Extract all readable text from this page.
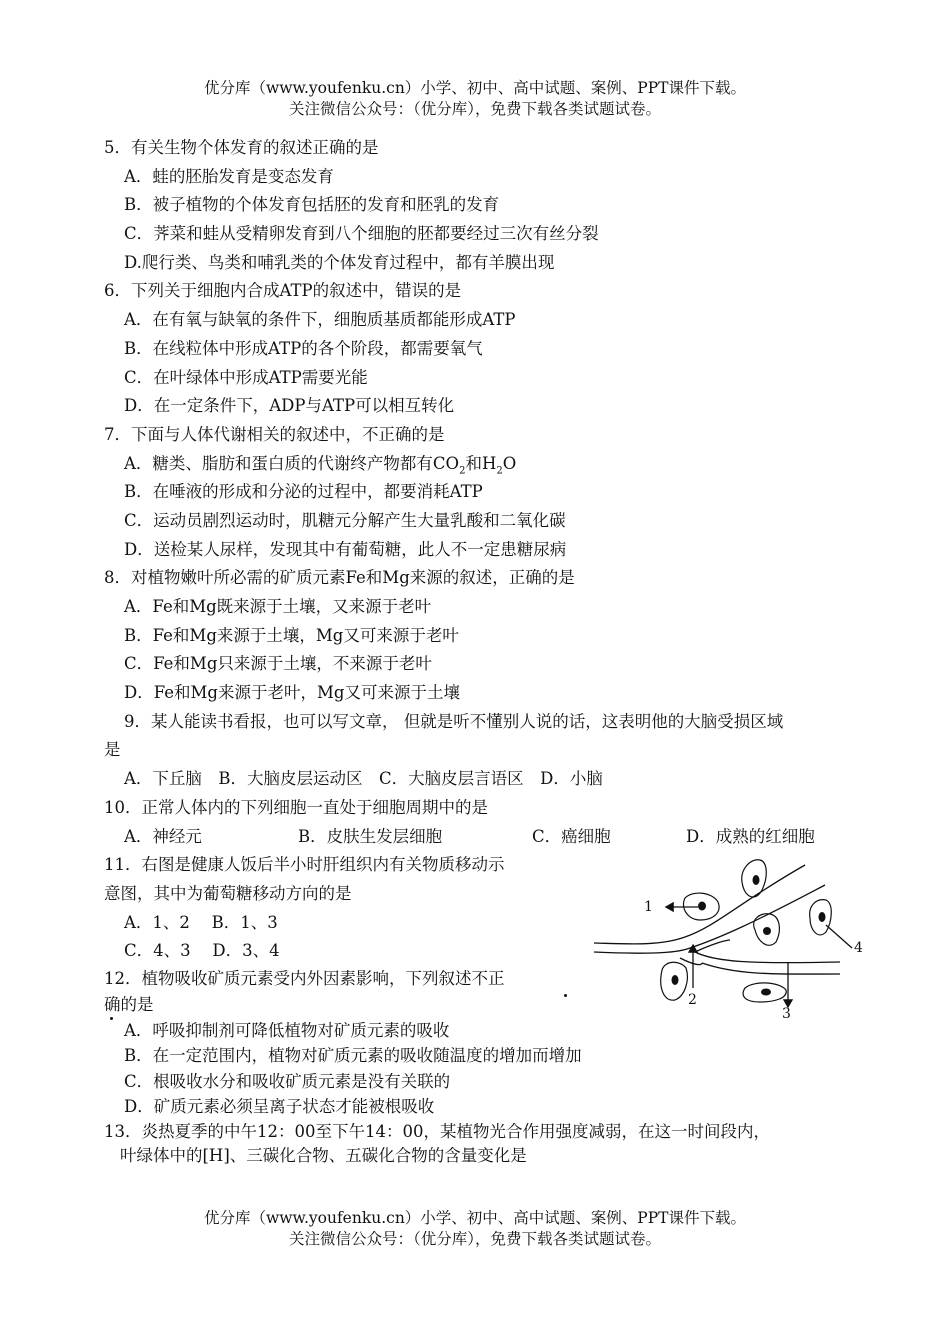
优分库（www.youfenku.cn）小学、初中、高中试题、案例、PPT课件下载。
关注微信公众号：（优分库），免费下载各类试题试卷。
5．有关生物个体发育的叙述正确的是
A．蛙的胚胎发育是变态发育
B．被子植物的个体发育包括胚的发育和胚乳的发育
C．荠菜和蛙从受精卵发育到八个细胞的胚都要经过三次有丝分裂
D.爬行类、鸟类和哺乳类的个体发育过程中，都有羊膜出现
6．下列关于细胞内合成ATP的叙述中，错误的是
A．在有氧与缺氧的条件下，细胞质基质都能形成ATP
B．在线粒体中形成ATP的各个阶段，都需要氧气
C．在叶绿体中形成ATP需要光能
D．在一定条件下，ADP与ATP可以相互转化
7．下面与人体代谢相关的叙述中，不正确的是
A．糖类、脂肪和蛋白质的代谢终产物都有$CO_2$和$H_2O$
B．在唾液的形成和分泌的过程中，都要消耗ATP
C．运动员剧烈运动时，肌糖元分解产生大量乳酸和二氧化碳
D．送检某人尿样，发现其中有葡萄糖，此人不一定患糖尿病
8．对植物嫩叶所必需的矿质元素Fe和Mg来源的叙述，正确的是
A．Fe和Mg既来源于土壤，又来源于老叶
B．Fe和Mg来源于土壤，Mg又可来源于老叶
C．Fe和Mg只来源于土壤，不来源于老叶
D．Fe和Mg来源于老叶，Mg又可来源于土壤
9．某人能读书看报，也可以写文章， 但就是听不懂别人说的话，这表明他的大脑受损区域
是
A．下丘脑　B．大脑皮层运动区　C．大脑皮层言语区　D．小脑
10．正常人体内的下列细胞一直处于细胞周期中的是
A．神经元	B．皮肤生发层细胞	C．癌细胞	D．成熟的红细胞
11．右图是健康人饭后半小时肝组织内有关物质移动示
意图，其中为葡萄糖移动方向的是
A．1、2　 B．1、3
C．4、3　 D．3、4
12．植物吸收矿质元素受内外因素影响，下列叙述不正
确的是
A．呼吸抑制剂可降低植物对矿质元素的吸收
B．在一定范围内，植物对矿质元素的吸收随温度的增加而增加
C．根吸收水分和吸收矿质元素是没有关联的
D．矿质元素必须呈离子状态才能被根吸收
13．炎热夏季的中午12：00至下午14：00，某植物光合作用强度减弱，在这一时间段内，
叶绿体中的[H]、三碳化合物、五碳化合物的含量变化是
1
2
3
4
优分库（www.youfenku.cn）小学、初中、高中试题、案例、PPT课件下载。
关注微信公众号：（优分库），免费下载各类试题试卷。
